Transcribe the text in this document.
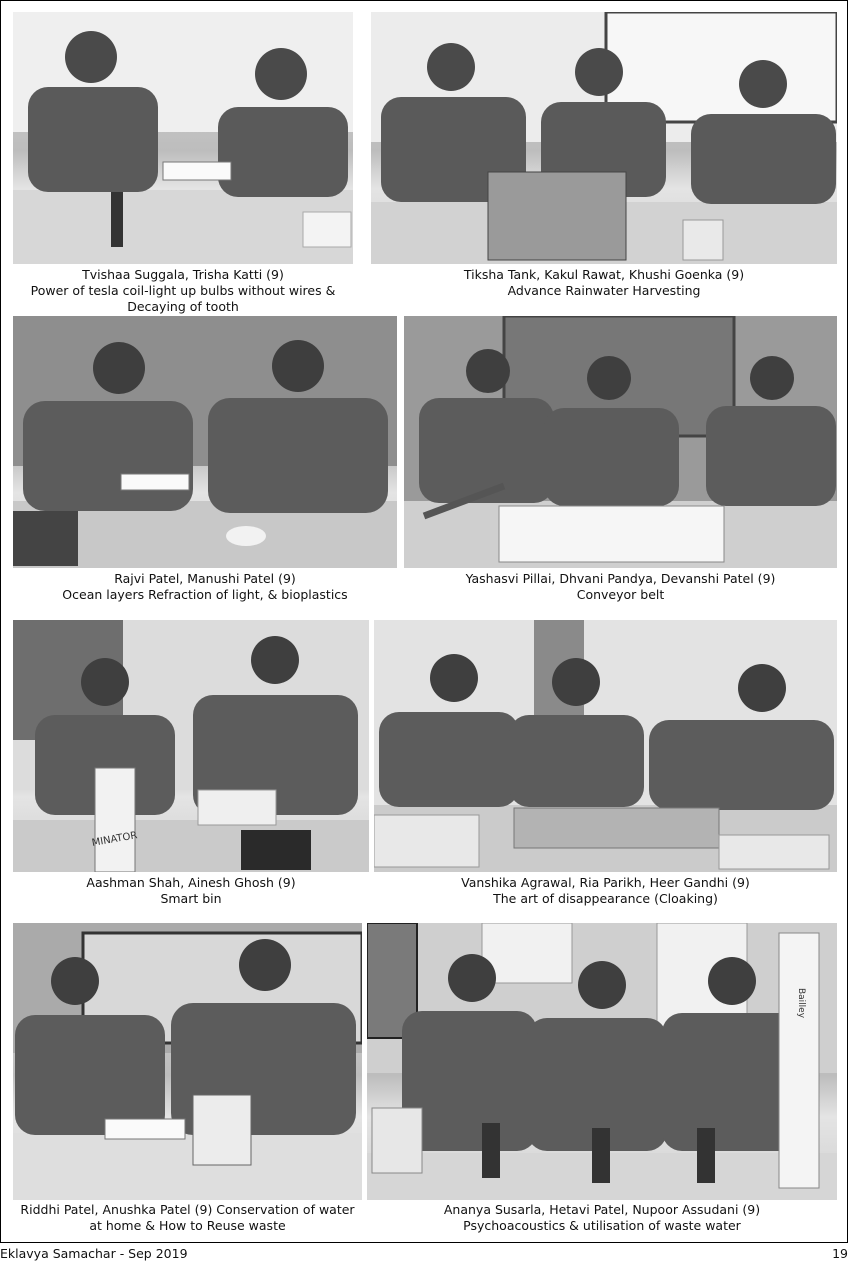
Tvishaa Suggala, Trisha Katti (9)
Power of tesla coil-light up bulbs without wires &
Decaying of tooth
Tiksha Tank, Kakul Rawat, Khushi Goenka (9)
Advance Rainwater Harvesting
Rajvi Patel, Manushi Patel (9)
Ocean layers Refraction of light, & bioplastics
Yashasvi Pillai, Dhvani Pandya, Devanshi Patel (9)
Conveyor belt
MINATOR
Aashman Shah, Ainesh Ghosh (9)
Smart bin
Vanshika Agrawal, Ria Parikh, Heer Gandhi (9)
The art of disappearance (Cloaking)
Riddhi Patel, Anushka Patel (9) Conservation of water
at home & How to Reuse waste
Bailley
Ananya Susarla, Hetavi Patel, Nupoor Assudani (9)
Psychoacoustics & utilisation of waste water
Eklavya Samachar - Sep 2019	19
